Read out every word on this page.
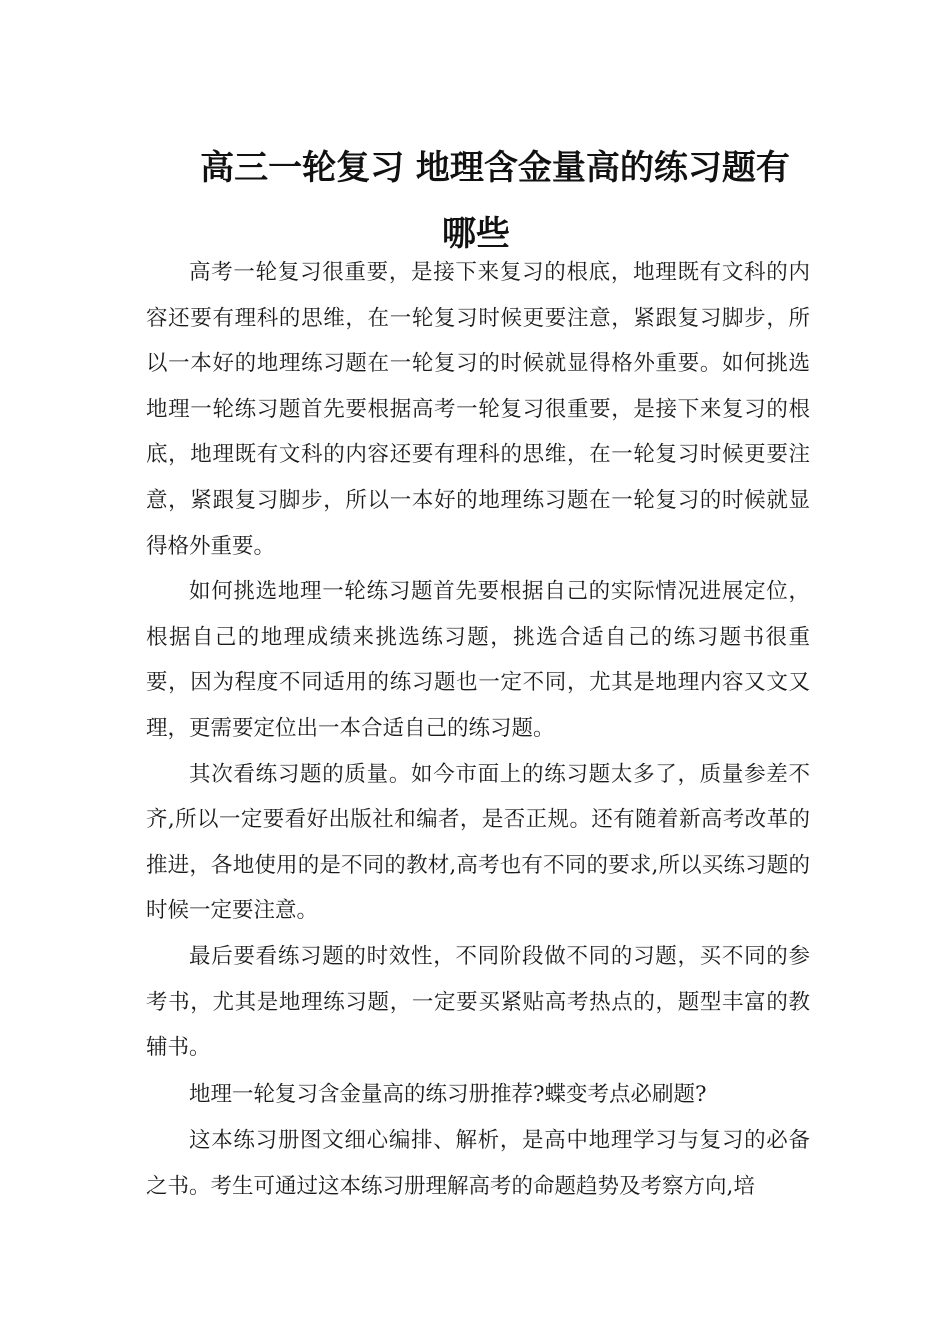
高三一轮复习 地理含金量高的练习题有
哪些

高考一轮复习很重要，是接下来复习的根底，地理既有文科的内容还要有理科的思维，在一轮复习时候更要注意，紧跟复习脚步，所以一本好的地理练习题在一轮复习的时候就显得格外重要。如何挑选地理一轮练习题首先要根据高考一轮复习很重要，是接下来复习的根底，地理既有文科的内容还要有理科的思维，在一轮复习时候更要注意，紧跟复习脚步，所以一本好的地理练习题在一轮复习的时候就显得格外重要。

如何挑选地理一轮练习题首先要根据自己的实际情况进展定位，根据自己的地理成绩来挑选练习题，挑选合适自己的练习题书很重要，因为程度不同适用的练习题也一定不同，尤其是地理内容又文又理，更需要定位出一本合适自己的练习题。

其次看练习题的质量。如今市面上的练习题太多了，质量参差不齐,所以一定要看好出版社和编者，是否正规。还有随着新高考改革的推进，各地使用的是不同的教材,高考也有不同的要求,所以买练习题的时候一定要注意。

最后要看练习题的时效性，不同阶段做不同的习题，买不同的参考书，尤其是地理练习题，一定要买紧贴高考热点的，题型丰富的教辅书。

地理一轮复习含金量高的练习册推荐?蝶变考点必刷题?

这本练习册图文细心编排、解析，是高中地理学习与复习的必备之书。考生可通过这本练习册理解高考的命题趋势及考察方向,培
